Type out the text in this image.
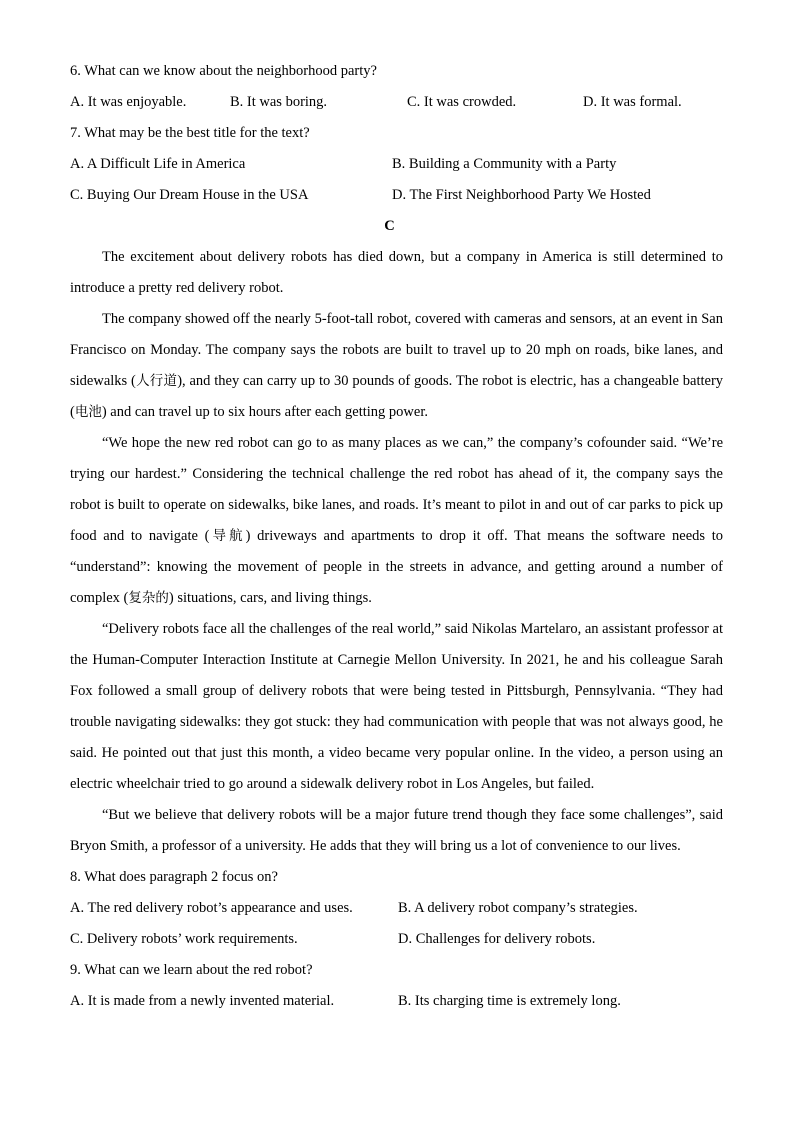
6. What can we know about the neighborhood party?
A. It was enjoyable.	B. It was boring.	C. It was crowded.	D. It was formal.
7. What may be the best title for the text?
A. A Difficult Life in America	B. Building a Community with a Party
C. Buying Our Dream House in the USA	D. The First Neighborhood Party We Hosted
C

The excitement about delivery robots has died down, but a company in America is still determined to introduce a pretty red delivery robot.

The company showed off the nearly 5-foot-tall robot, covered with cameras and sensors, at an event in San Francisco on Monday. The company says the robots are built to travel up to 20 mph on roads, bike lanes, and sidewalks (人行道), and they can carry up to 30 pounds of goods. The robot is electric, has a changeable battery (电池) and can travel up to six hours after each getting power.

“We hope the new red robot can go to as many places as we can,” the company’s cofounder said. “We’re trying our hardest.” Considering the technical challenge the red robot has ahead of it, the company says the robot is built to operate on sidewalks, bike lanes, and roads. It’s meant to pilot in and out of car parks to pick up food and to navigate (导航) driveways and apartments to drop it off. That means the software needs to “understand”: knowing the movement of people in the streets in advance, and getting around a number of complex (复杂的) situations, cars, and living things.

“Delivery robots face all the challenges of the real world,” said Nikolas Martelaro, an assistant professor at the Human-Computer Interaction Institute at Carnegie Mellon University. In 2021, he and his colleague Sarah Fox followed a small group of delivery robots that were being tested in Pittsburgh, Pennsylvania. “They had trouble navigating sidewalks: they got stuck: they had communication with people that was not always good, he said. He pointed out that just this month, a video became very popular online. In the video, a person using an electric wheelchair tried to go around a sidewalk delivery robot in Los Angeles, but failed.

“But we believe that delivery robots will be a major future trend though they face some challenges”, said Bryon Smith, a professor of a university. He adds that they will bring us a lot of convenience to our lives.

8. What does paragraph 2 focus on?
A. The red delivery robot’s appearance and uses.	B. A delivery robot company’s strategies.
C. Delivery robots’ work requirements.	D. Challenges for delivery robots.
9. What can we learn about the red robot?
A. It is made from a newly invented material.	B. Its charging time is extremely long.
